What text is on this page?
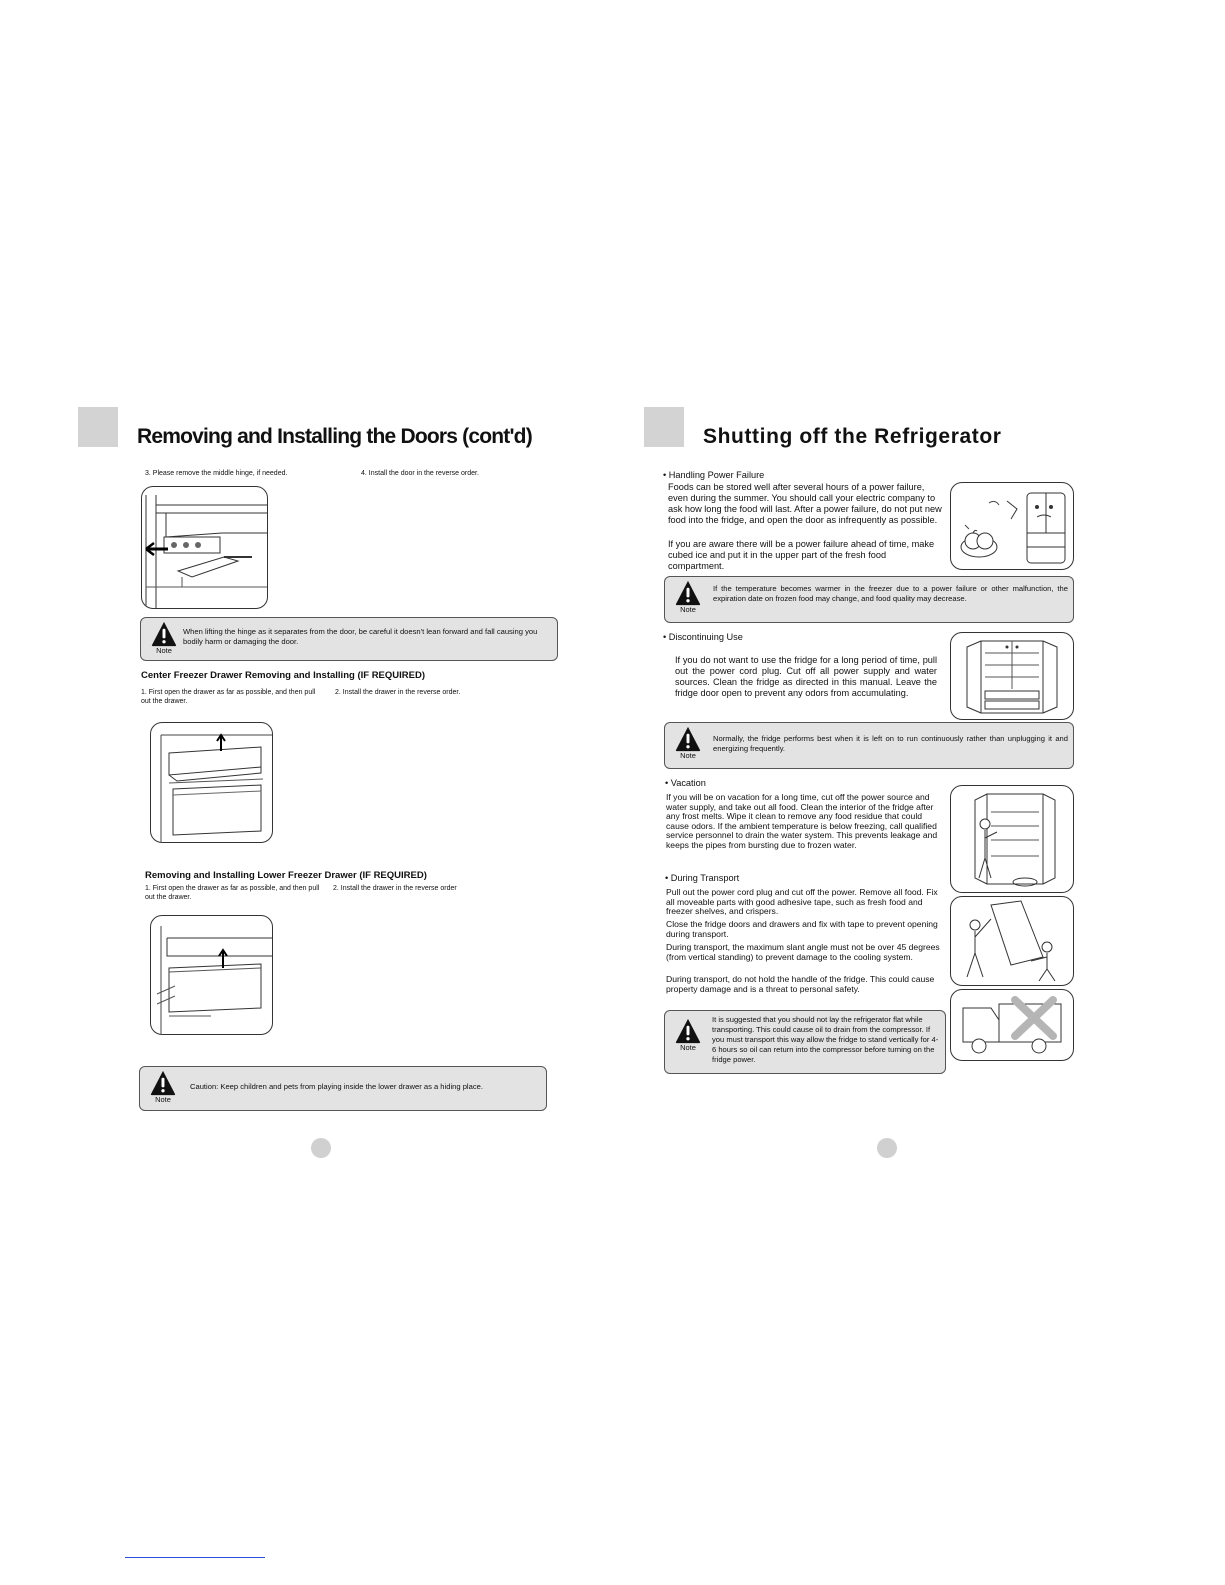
Removing and Installing the Doors (cont'd)
3. Please remove the middle hinge, if needed.	4. Install the door in the reverse order.
Note
When lifting the hinge as it separates from the door, be careful it doesn't lean forward and fall causing you bodily harm or damaging the door.
Center Freezer Drawer Removing and Installing (IF REQUIRED)
1. First open the drawer as far as possible, and then pull out the drawer.
2. Install the drawer in the reverse order.
Removing and Installing Lower Freezer Drawer (IF REQUIRED)
1. First open the drawer as far as possible, and then pull out the drawer.
2. Install the drawer in the reverse order
Note
Caution: Keep children and pets from playing inside the lower drawer as a hiding place.
Shutting off the Refrigerator
• Handling Power Failure
Foods can be stored well after several hours of a power failure, even during the summer. You should call your electric company to ask how long the food will last. After a power failure, do not put new food into the fridge, and open the door as infrequently as possible.
If you are aware there will be a power failure ahead of time, make cubed ice and put it in the upper part of the fresh food compartment.
Note
If the temperature becomes warmer in the freezer due to a power failure or other malfunction, the expiration date on frozen food may change, and food quality may decrease.
• Discontinuing Use
If you do not want to use the fridge for a long period of time, pull out the power cord plug. Cut off all power supply and water sources. Clean the fridge as directed in this manual. Leave the fridge door open to prevent any odors from accumulating.
Note
Normally, the fridge performs best when it is left on to run continuously rather than unplugging it and energizing frequently.
• Vacation
If you will be on vacation for a long time, cut off the power source and water supply, and take out all food. Clean the interior of the fridge after any frost melts. Wipe it clean to remove any food residue that could cause odors. If the ambient temperature is below freezing, call qualified service personnel to drain the water system. This prevents leakage and keeps the pipes from bursting due to frozen water.
• During Transport
Pull out the power cord plug and cut off the power. Remove all food. Fix all moveable parts with good adhesive tape, such as fresh food and freezer shelves, and crispers.
Close the fridge doors and drawers and fix with tape to prevent opening during transport.
During transport, the maximum slant angle must not be over 45 degrees (from vertical standing) to prevent damage to the cooling system.
During transport, do not hold the handle of the fridge. This could cause property damage and is a threat to personal safety.
Note
It is suggested that you should not lay the refrigerator flat while transporting. This could cause oil to drain from the compressor. If you must transport this way allow the fridge to stand vertically for 4-6 hours so oil can return into the compressor before turning on the fridge power.
